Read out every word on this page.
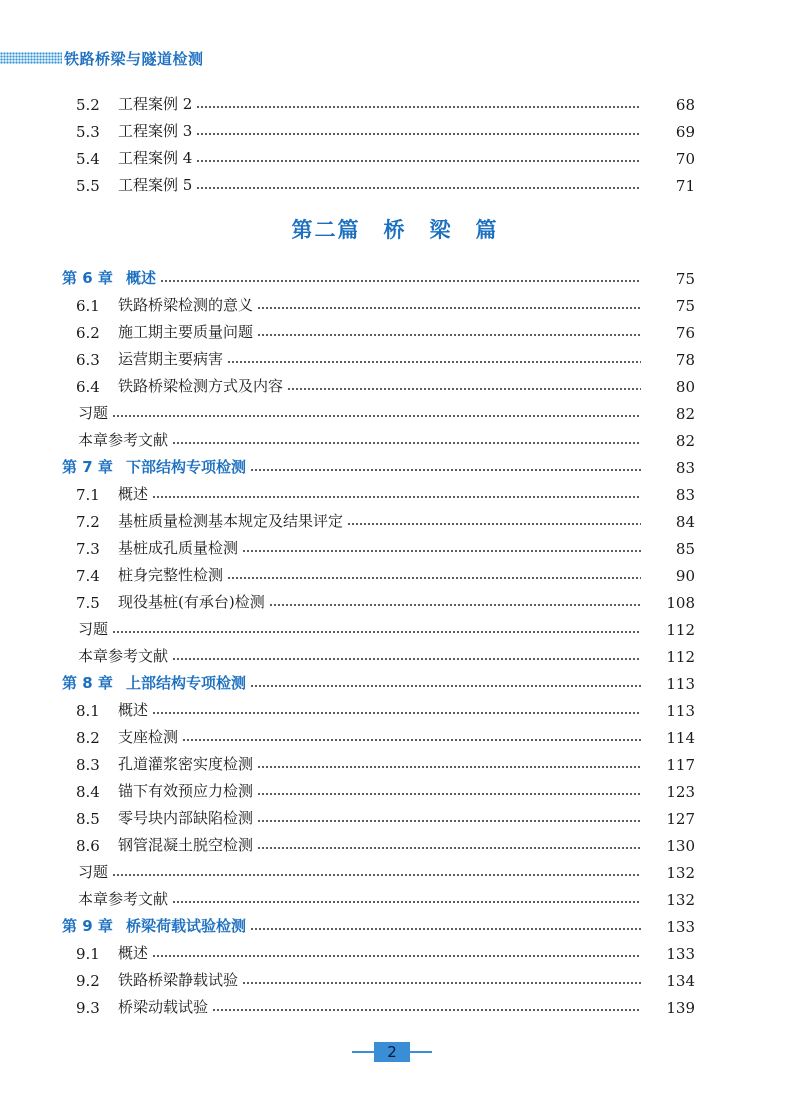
铁路桥梁与隧道检测
第二篇　桥　梁　篇
5.2	工程案例 2	68
5.3	工程案例 3	69
5.4	工程案例 4	70
5.5	工程案例 5	71
第 6 章 概述	75
6.1	铁路桥梁检测的意义	75
6.2	施工期主要质量问题	76
6.3	运营期主要病害	78
6.4	铁路桥梁检测方式及内容	80
习题	82
本章参考文献	82
第 7 章 下部结构专项检测	83
7.1	概述	83
7.2	基桩质量检测基本规定及结果评定	84
7.3	基桩成孔质量检测	85
7.4	桩身完整性检测	90
7.5	现役基桩(有承台)检测	108
习题	112
本章参考文献	112
第 8 章 上部结构专项检测	113
8.1	概述	113
8.2	支座检测	114
8.3	孔道灌浆密实度检测	117
8.4	锚下有效预应力检测	123
8.5	零号块内部缺陷检测	127
8.6	钢管混凝土脱空检测	130
习题	132
本章参考文献	132
第 9 章 桥梁荷载试验检测	133
9.1	概述	133
9.2	铁路桥梁静载试验	134
9.3	桥梁动载试验	139
2
